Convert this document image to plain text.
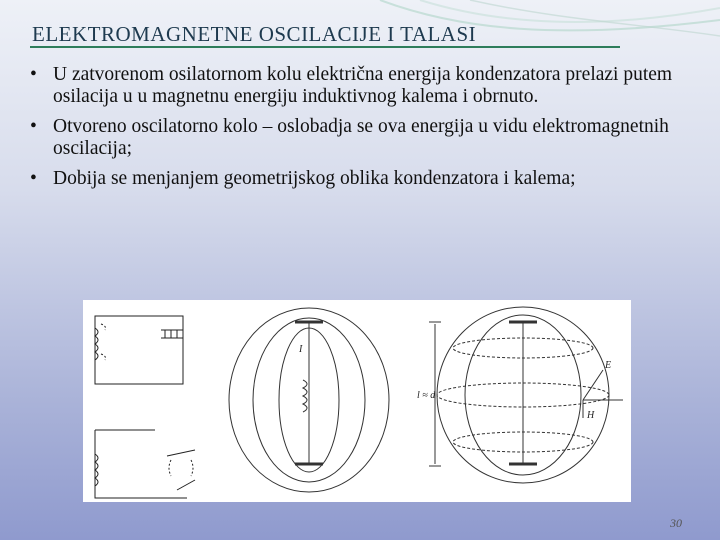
ELEKTROMAGNETNE OSCILACIJE I TALASI
• U zatvorenom osilatornom kolu električna energija kondenzatora prelazi putem osilacija u u magnetnu energiju induktivnog kalema i obrnuto.
• Otvoreno oscilatorno kolo – oslobadja se ova energija u vidu elektromagnetnih oscilacija;
• Dobija se menjanjem geometrijskog oblika kondenzatora i kalema;
I
l ≈ d
E
H
30
